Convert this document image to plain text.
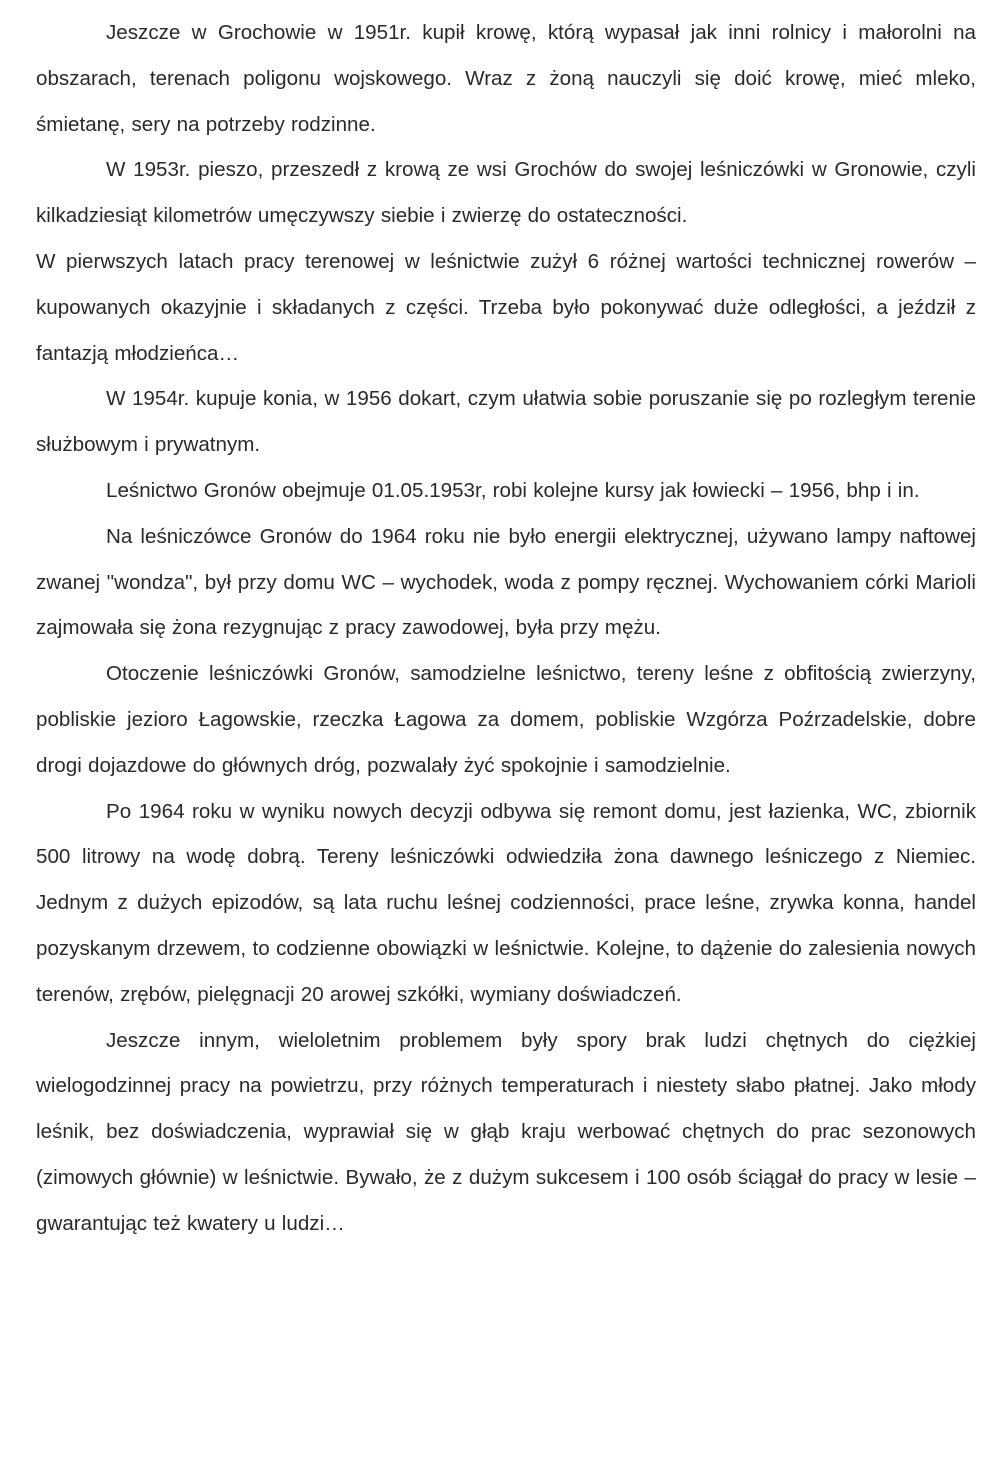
Jeszcze w Grochowie w 1951r. kupił krowę, którą wypasał jak inni rolnicy i małorolni na obszarach, terenach poligonu wojskowego. Wraz z żoną nauczyli się doić krowę, mieć mleko, śmietanę, sery na potrzeby rodzinne.

W 1953r. pieszo, przeszedł z krową ze wsi Grochów do swojej leśniczówki w Gronowie, czyli kilkadziesiąt kilometrów umęczywszy siebie i zwierzę do ostateczności.

W pierwszych latach pracy terenowej w leśnictwie zużył 6 różnej wartości technicznej rowerów – kupowanych okazyjnie i składanych z części. Trzeba było pokonywać duże odległości, a jeździł z fantazją młodzieńca…

W 1954r. kupuje konia, w 1956 dokart, czym ułatwia sobie poruszanie się po rozległym terenie służbowym i prywatnym.

Leśnictwo Gronów obejmuje 01.05.1953r, robi kolejne kursy jak łowiecki – 1956, bhp i in.

Na leśniczówce Gronów do 1964 roku nie było energii elektrycznej, używano lampy naftowej zwanej "wondza", był przy domu WC – wychodek, woda z pompy ręcznej. Wychowaniem córki Marioli zajmowała się żona rezygnując z pracy zawodowej, była przy mężu.

Otoczenie leśniczówki Gronów, samodzielne leśnictwo, tereny leśne z obfitością zwierzyny, pobliskie jezioro Łagowskie, rzeczka Łagowa za domem, pobliskie Wzgórza Poźrzadelskie, dobre drogi dojazdowe do głównych dróg, pozwalały żyć spokojnie i samodzielnie.

Po 1964 roku w wyniku nowych decyzji odbywa się remont domu, jest łazienka, WC, zbiornik 500 litrowy na wodę dobrą. Tereny leśniczówki odwiedziła żona dawnego leśniczego z Niemiec. Jednym z dużych epizodów, są lata ruchu leśnej codzienności, prace leśne, zrywka konna, handel pozyskanym drzewem, to codzienne obowiązki w leśnictwie. Kolejne, to dążenie do zalesienia nowych terenów, zrębów, pielęgnacji 20 arowej szkółki, wymiany doświadczeń.

Jeszcze innym, wieloletnim problemem były spory brak ludzi chętnych do ciężkiej wielogodzinnej pracy na powietrzu, przy różnych temperaturach i niestety słabo płatnej. Jako młody leśnik, bez doświadczenia, wyprawiał się w głąb kraju werbować chętnych do prac sezonowych (zimowych głównie) w leśnictwie. Bywało, że z dużym sukcesem i 100 osób ściągał do pracy w lesie – gwarantując też kwatery u ludzi…
